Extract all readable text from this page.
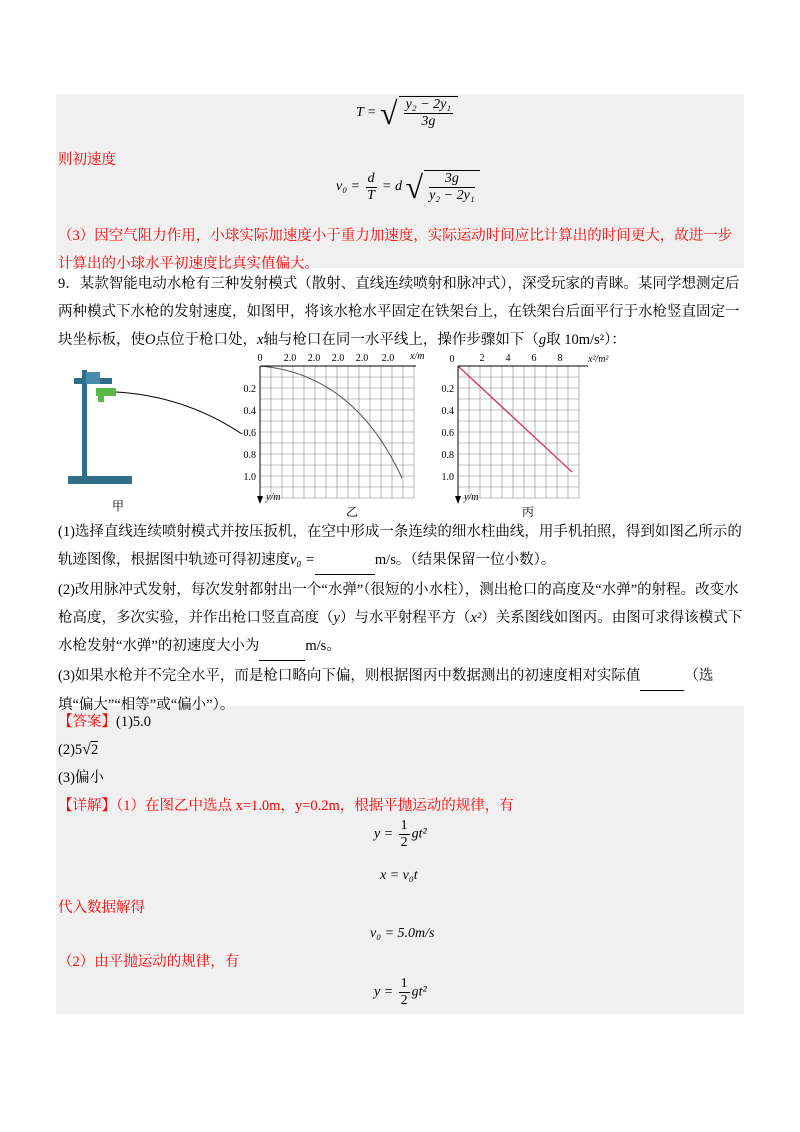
T = √ $\frac{\text{y₂ − 2y₁}}{3g}$
则初速度
$v_0 = \frac{d}{T} = d$ √ $\frac{3g}{\text{y₂ − 2y₁}}$
（3）因空气阻力作用，小球实际加速度小于重力加速度，实际运动时间应比计算出的时间更大，故进一步计算出的小球水平初速度比真实值偏大。
9．某款智能电动水枪有三种发射模式（散射、直线连续喷射和脉冲式），深受玩家的青睐。某同学想测定后两种模式下水枪的发射速度，如图甲，将该水枪水平固定在铁架台上，在铁架台后面平行于水枪竖直固定一块坐标板，使O点位于枪口处，x轴与枪口在同一水平线上，操作步骤如下（g取 10m/s²）：
甲
x/m
y/m
0 2.0 2.0 2.0 2.0 2.0
0.2
0.4
0.6
0.8
1.0
乙
x²/m²
y/m
0	2 4 6 8
0.2
0.4
0.6
0.8
1.0
丙
(1)选择直线连续喷射模式并按压扳机，在空中形成一条连续的细水柱曲线，用手机拍照，得到如图乙所示的轨迹图像，根据图中轨迹可得初速度v₀ =	m/s。（结果保留一位小数）。
(2)改用脉冲式发射，每次发射都射出一个“水弹”（很短的小水柱），测出枪口的高度及“水弹”的射程。改变水枪高度，多次实验，并作出枪口竖直高度（y）与水平射程平方（x²）关系图线如图丙。由图可求得该模式下水枪发射“水弹”的初速度大小为	m/s。
(3)如果水枪并不完全水平，而是枪口略向下偏，则根据图丙中数据测出的初速度相对实际值	（选填“偏大”“相等”或“偏小”）。
【答案】(1)5.0
(2)5√2
(3)偏小
【详解】（1）在图乙中选点 x=1.0m，y=0.2m，根据平抛运动的规律，有
$y = \frac{1}{2} gt^2$
x = v₀t
代入数据解得
v₀ = 5.0m/s
（2）由平抛运动的规律，有
$y = \frac{1}{2} gt^2$
